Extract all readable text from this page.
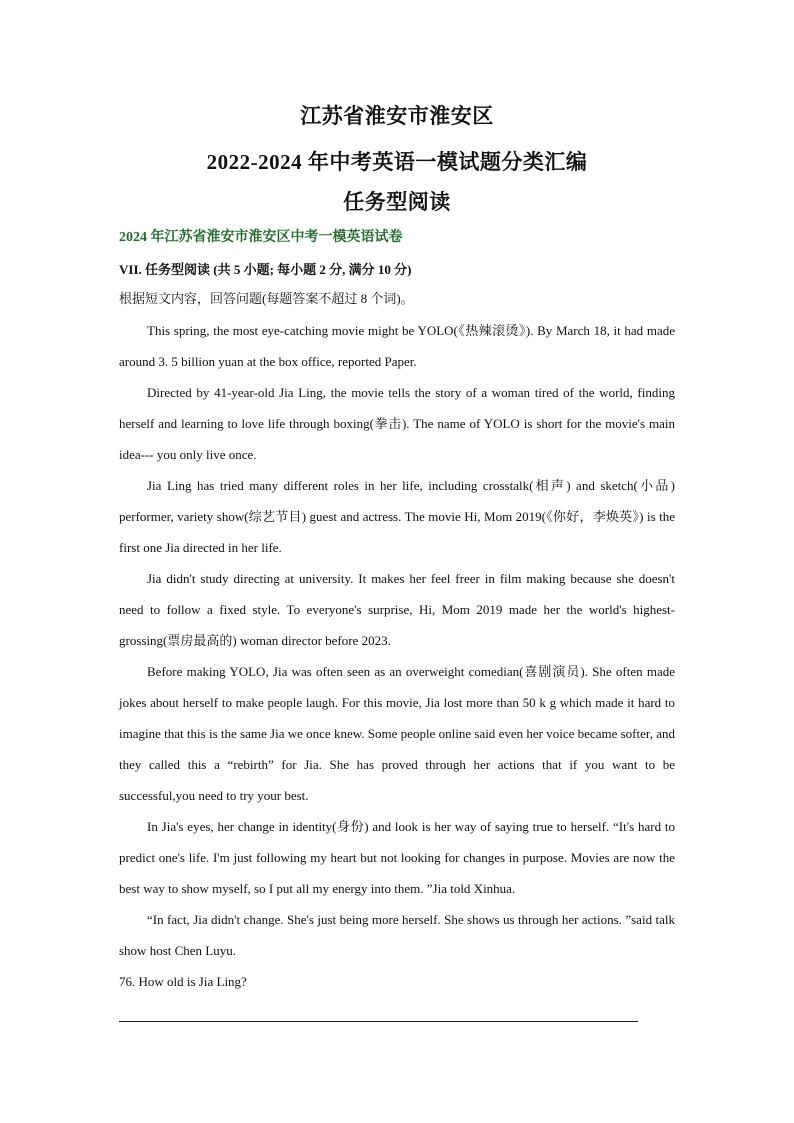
江苏省淮安市淮安区
2022-2024 年中考英语一模试题分类汇编
任务型阅读
2024 年江苏省淮安市淮安区中考一模英语试卷
VII. 任务型阅读 (共 5 小题; 每小题 2 分, 满分 10 分)
根据短文内容，回答问题(每题答案不超过 8 个词)。

This spring, the most eye-catching movie might be YOLO(《热辣滚烫》). By March 18, it had made around 3. 5 billion yuan at the box office, reported Paper.

Directed by 41-year-old Jia Ling, the movie tells the story of a woman tired of the world, finding herself and learning to love life through boxing(拳击). The name of YOLO is short for the movie's main idea--- you only live once.

Jia Ling has tried many different roles in her life, including crosstalk(相声) and sketch(小品) performer, variety show(综艺节目) guest and actress. The movie Hi, Mom 2019(《你好，李焕英》) is the first one Jia directed in her life.

Jia didn't study directing at university. It makes her feel freer in film making because she doesn't need to follow a fixed style. To everyone's surprise, Hi, Mom 2019 made her the world's highest-grossing(票房最高的) woman director before 2023.

Before making YOLO, Jia was often seen as an overweight comedian(喜剧演员). She often made jokes about herself to make people laugh. For this movie, Jia lost more than 50 k g which made it hard to imagine that this is the same Jia we once knew. Some people online said even her voice became softer, and they called this a “rebirth” for Jia. She has proved through her actions that if you want to be successful,you need to try your best.

In Jia's eyes, her change in identity(身份) and look is her way of saying true to herself. “It's hard to predict one's life. I'm just following my heart but not looking for changes in purpose. Movies are now the best way to show myself, so I put all my energy into them. ”Jia told Xinhua.

“In fact, Jia didn't change. She's just being more herself. She shows us through her actions. ”said talk show host Chen Luyu.

76. How old is Jia Ling?
